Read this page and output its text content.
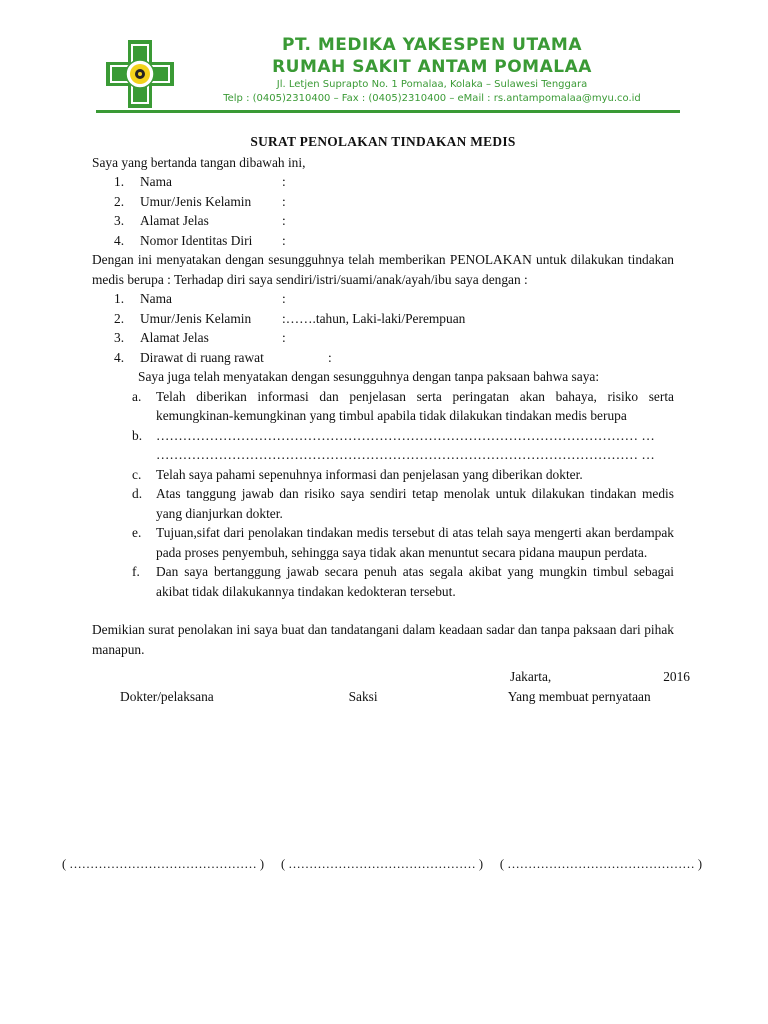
PT. MEDIKA YAKESPEN UTAMA
RUMAH SAKIT ANTAM POMALAA
Jl. Letjen Suprapto No. 1 Pomalaa, Kolaka – Sulawesi Tenggara
Telp : (0405)2310400 – Fax : (0405)2310400 – eMail : rs.antampomalaa@myu.co.id
SURAT PENOLAKAN TINDAKAN MEDIS
Saya yang bertanda tangan dibawah ini,
1.	Nama	:
2.	Umur/Jenis Kelamin	:
3.	Alamat Jelas	:
4.	Nomor Identitas Diri	:
Dengan ini menyatakan dengan sesungguhnya telah memberikan PENOLAKAN untuk dilakukan tindakan medis berupa : Terhadap diri saya sendiri/istri/suami/anak/ayah/ibu saya dengan :
1.	Nama	:
2.	Umur/Jenis Kelamin	:…….tahun, Laki-laki/Perempuan
3.	Alamat Jelas	:
4.	Dirawat di ruang rawat	:
Saya juga telah menyatakan dengan sesungguhnya dengan tanpa paksaan bahwa saya:
a.	Telah diberikan informasi dan penjelasan serta peringatan akan bahaya, risiko serta kemungkinan-kemungkinan yang timbul apabila tidak dilakukan tindakan medis berupa
b.	……………………………………………………………………………………………… … ……………………………………………………………………………………………… …
c.	Telah saya pahami sepenuhnya informasi dan penjelasan yang diberikan dokter.
d.	Atas tanggung jawab dan risiko saya sendiri tetap menolak untuk dilakukan tindakan medis yang dianjurkan dokter.
e.	Tujuan,sifat dari penolakan tindakan medis tersebut di atas telah saya mengerti akan berdampak pada proses penyembuh, sehingga saya tidak akan menuntut secara pidana maupun perdata.
f.	Dan saya bertanggung jawab secara penuh atas segala akibat yang mungkin timbul sebagai akibat tidak dilakukannya tindakan kedokteran tersebut.
Demikian surat penolakan ini saya buat dan tandatangani dalam keadaan sadar dan tanpa paksaan dari pihak manapun.
Jakarta,	2016
Dokter/pelaksana	Saksi	Yang membuat pernyataan
( ……………………………………… ) ( ……………………………………… ) ( ……………………………………… )
